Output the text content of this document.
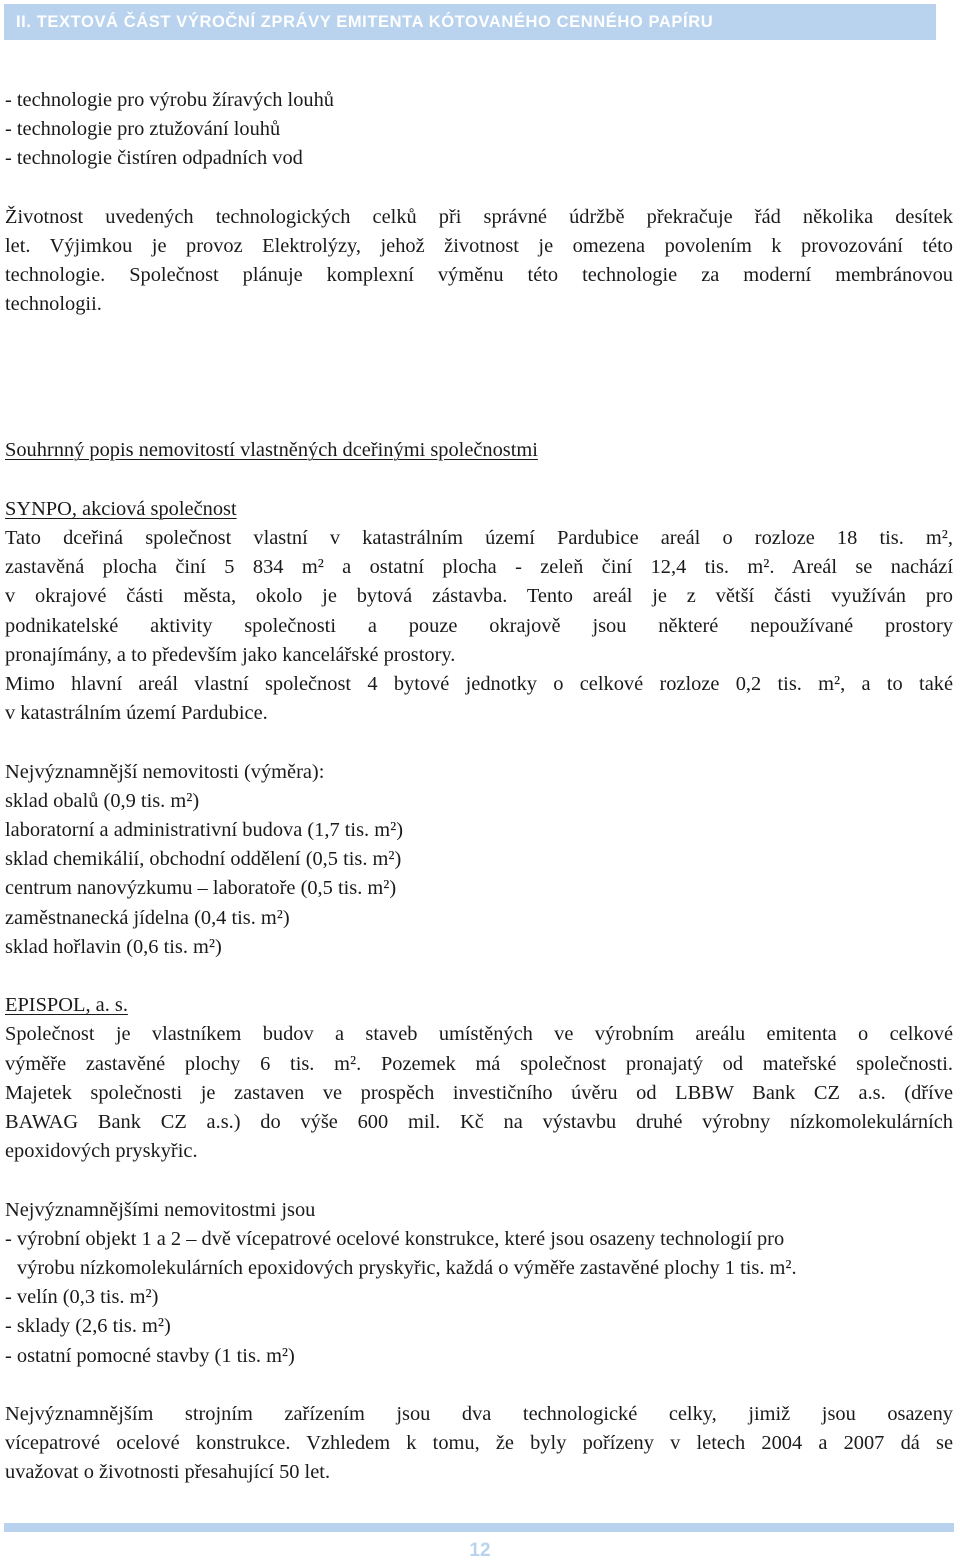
II. TEXTOVÁ ČÁST VÝROČNÍ ZPRÁVY EMITENTA KÓTOVANÉHO CENNÉHO PAPÍRU

- technologie pro výrobu žíravých louhů

- technologie pro ztužování louhů

- technologie čistíren odpadních vod

Životnost uvedených technologických celků při správné údržbě překračuje řád několika desítek

let. Výjimkou je provoz Elektrolýzy, jehož životnost je omezena povolením k provozování této

technologie. Společnost plánuje komplexní výměnu této technologie za moderní membránovou

technologii.

Souhrnný popis nemovitostí vlastněných dceřinými společnostmi

SYNPO, akciová společnost

Tato dceřiná společnost vlastní v katastrálním území Pardubice areál o rozloze 18 tis. m²,

zastavěná plocha činí 5 834 m² a ostatní plocha - zeleň činí 12,4 tis. m². Areál se nachází

v okrajové části města, okolo je bytová zástavba. Tento areál je z větší části využíván pro

podnikatelské aktivity společnosti a pouze okrajově jsou některé nepoužívané prostory

pronajímány, a to především jako kancelářské prostory.

Mimo hlavní areál vlastní společnost 4 bytové jednotky o celkové rozloze 0,2 tis. m², a to také

v katastrálním území Pardubice.

Nejvýznamnější nemovitosti (výměra):

sklad obalů (0,9 tis. m²)

laboratorní a administrativní budova (1,7 tis. m²)

sklad chemikálií, obchodní oddělení (0,5 tis. m²)

centrum nanovýzkumu – laboratoře (0,5 tis. m²)

zaměstnanecká jídelna (0,4 tis. m²)

sklad hořlavin (0,6 tis. m²)

EPISPOL, a. s.

Společnost je vlastníkem budov a staveb umístěných ve výrobním areálu emitenta o celkové

výměře zastavěné plochy 6 tis. m². Pozemek má společnost pronajatý od mateřské společnosti.

Majetek společnosti je zastaven ve prospěch investičního úvěru od LBBW Bank CZ a.s. (dříve

BAWAG Bank CZ a.s.) do výše 600 mil. Kč na výstavbu druhé výrobny nízkomolekulárních

epoxidových pryskyřic.

Nejvýznamnějšími nemovitostmi jsou

- výrobní objekt 1 a 2 – dvě vícepatrové ocelové konstrukce, které jsou osazeny technologií pro

výrobu nízkomolekulárních epoxidových pryskyřic, každá o výměře zastavěné plochy 1 tis. m².

- velín (0,3 tis. m²)

- sklady (2,6 tis. m²)

- ostatní pomocné stavby (1 tis. m²)

Nejvýznamnějším strojním zařízením jsou dva technologické celky, jimiž jsou osazeny

vícepatrové ocelové konstrukce. Vzhledem k tomu, že byly pořízeny v letech 2004 a 2007 dá se

uvažovat o životnosti přesahující 50 let.

12
